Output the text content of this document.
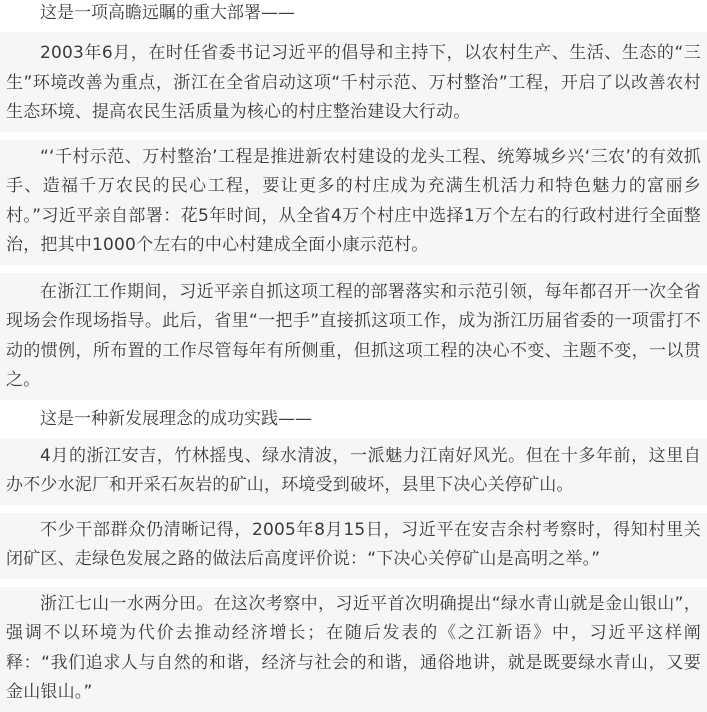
这是一项高瞻远瞩的重大部署——
2003年6月，在时任省委书记习近平的倡导和主持下，以农村生产、生活、生态的“三生”环境改善为重点，浙江在全省启动这项“千村示范、万村整治”工程，开启了以改善农村生态环境、提高农民生活质量为核心的村庄整治建设大行动。
“‘千村示范、万村整治’工程是推进新农村建设的龙头工程、统筹城乡兴‘三农’的有效抓手、造福千万农民的民心工程，要让更多的村庄成为充满生机活力和特色魅力的富丽乡村。”习近平亲自部署：花5年时间，从全省4万个村庄中选择1万个左右的行政村进行全面整治，把其中1000个左右的中心村建成全面小康示范村。
在浙江工作期间，习近平亲自抓这项工程的部署落实和示范引领，每年都召开一次全省现场会作现场指导。此后，省里“一把手”直接抓这项工作，成为浙江历届省委的一项雷打不动的惯例，所布置的工作尽管每年有所侧重，但抓这项工程的决心不变、主题不变，一以贯之。
这是一种新发展理念的成功实践——
4月的浙江安吉，竹林摇曳、绿水清波，一派魅力江南好风光。但在十多年前，这里自办不少水泥厂和开采石灰岩的矿山，环境受到破坏，县里下决心关停矿山。
不少干部群众仍清晰记得，2005年8月15日，习近平在安吉余村考察时，得知村里关闭矿区、走绿色发展之路的做法后高度评价说：“下决心关停矿山是高明之举。”
浙江七山一水两分田。在这次考察中，习近平首次明确提出“绿水青山就是金山银山”，强调不以环境为代价去推动经济增长；在随后发表的《之江新语》中，习近平这样阐释：“我们追求人与自然的和谐，经济与社会的和谐，通俗地讲，就是既要绿水青山，又要金山银山。”
